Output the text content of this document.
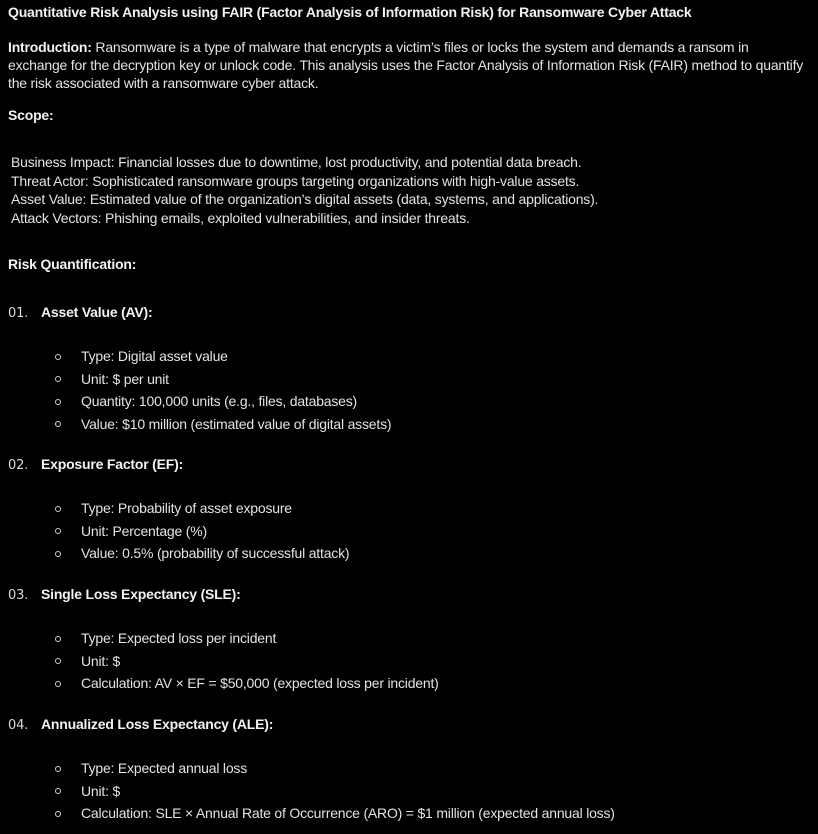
Quantitative Risk Analysis using FAIR (Factor Analysis of Information Risk) for Ransomware Cyber Attack
Introduction: Ransomware is a type of malware that encrypts a victim’s files or locks the system and demands a ransom in exchange for the decryption key or unlock code. This analysis uses the Factor Analysis of Information Risk (FAIR) method to quantify the risk associated with a ransomware cyber attack.
Scope:
Business Impact: Financial losses due to downtime, lost productivity, and potential data breach.
Threat Actor: Sophisticated ransomware groups targeting organizations with high-value assets.
Asset Value: Estimated value of the organization’s digital assets (data, systems, and applications).
Attack Vectors: Phishing emails, exploited vulnerabilities, and insider threats.
Risk Quantification:
01. Asset Value (AV):
Type: Digital asset value
Unit: $ per unit
Quantity: 100,000 units (e.g., files, databases)
Value: $10 million (estimated value of digital assets)
02. Exposure Factor (EF):
Type: Probability of asset exposure
Unit: Percentage (%)
Value: 0.5% (probability of successful attack)
03. Single Loss Expectancy (SLE):
Type: Expected loss per incident
Unit: $
Calculation: AV × EF = $50,000 (expected loss per incident)
04. Annualized Loss Expectancy (ALE):
Type: Expected annual loss
Unit: $
Calculation: SLE × Annual Rate of Occurrence (ARO) = $1 million (expected annual loss)
